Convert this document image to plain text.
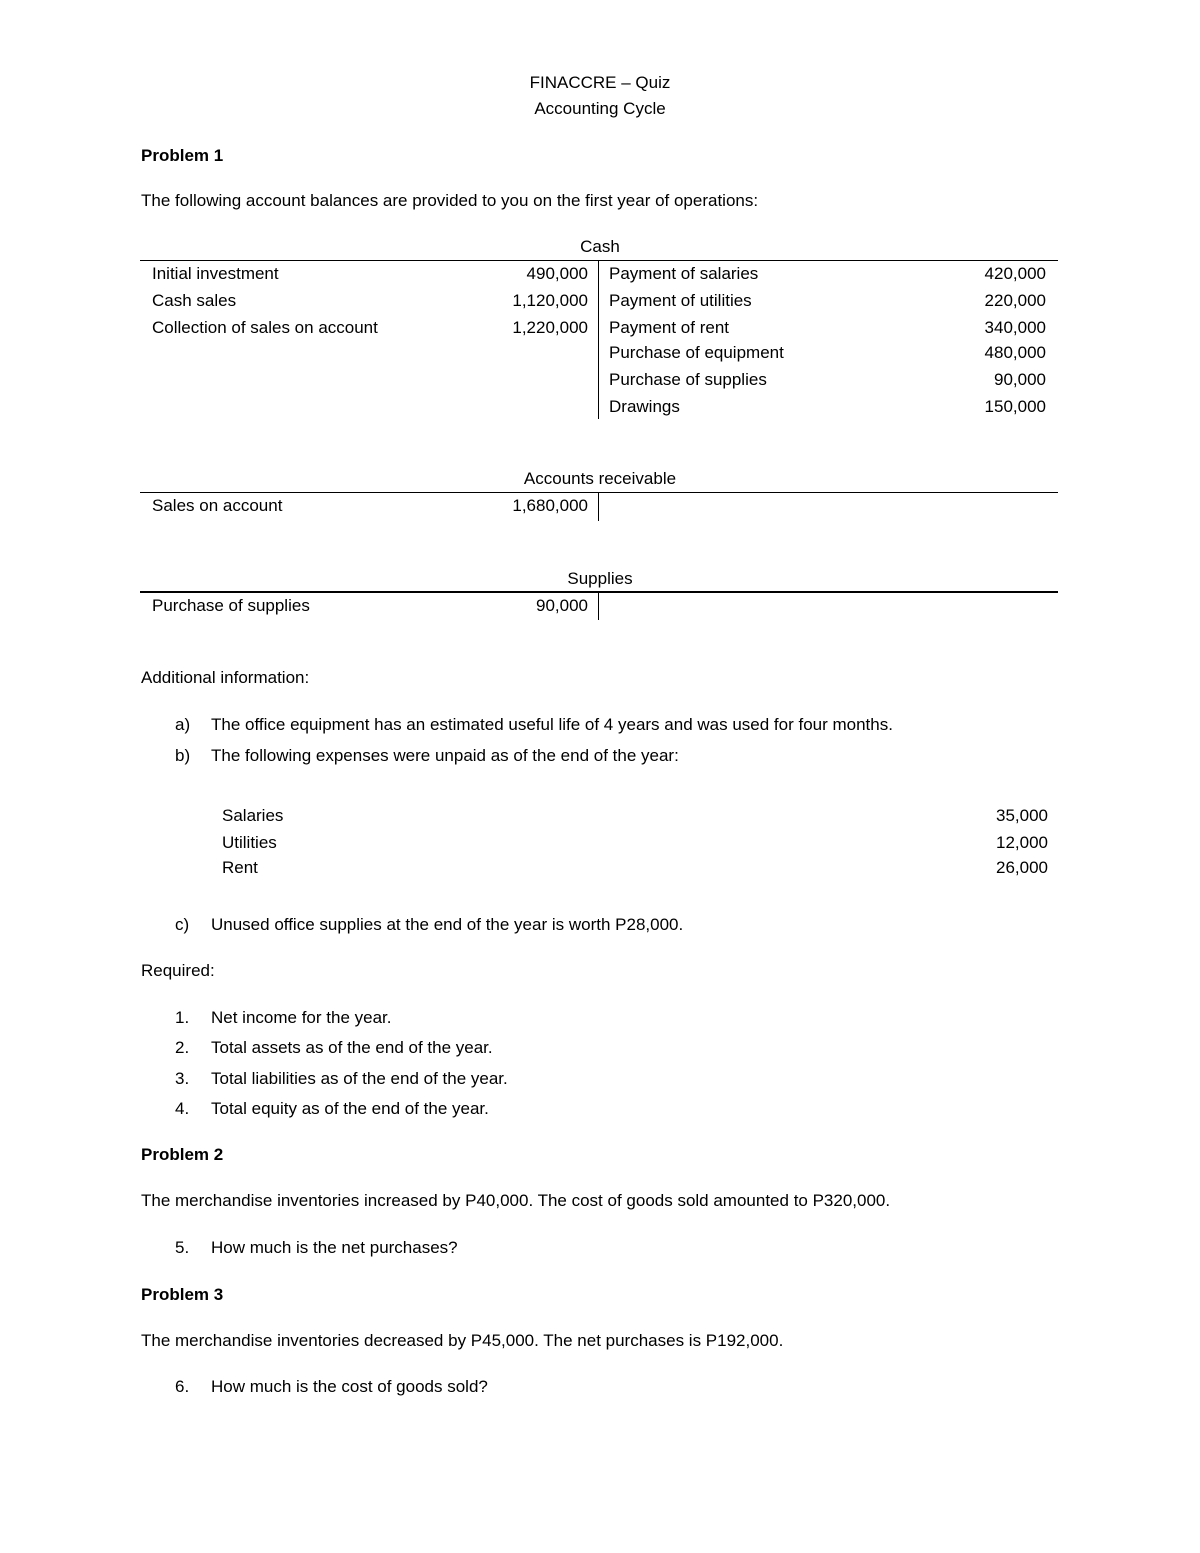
FINACCRE – Quiz
Accounting Cycle
Problem 1
The following account balances are provided to you on the first year of operations:
Cash
Initial investment	490,000
Cash sales	1,120,000
Collection of sales on account	1,220,000
Payment of salaries	420,000
Payment of utilities	220,000
Payment of rent	340,000
Purchase of equipment	480,000
Purchase of supplies	90,000
Drawings	150,000
Accounts receivable
Sales on account	1,680,000
Supplies
Purchase of supplies	90,000
Additional information:
a) The office equipment has an estimated useful life of 4 years and was used for four months.
b) The following expenses were unpaid as of the end of the year:
Salaries	35,000
Utilities	12,000
Rent	26,000
c) Unused office supplies at the end of the year is worth P28,000.
Required:
1. Net income for the year.
2. Total assets as of the end of the year.
3. Total liabilities as of the end of the year.
4. Total equity as of the end of the year.
Problem 2
The merchandise inventories increased by P40,000. The cost of goods sold amounted to P320,000.
5. How much is the net purchases?
Problem 3
The merchandise inventories decreased by P45,000. The net purchases is P192,000.
6. How much is the cost of goods sold?
